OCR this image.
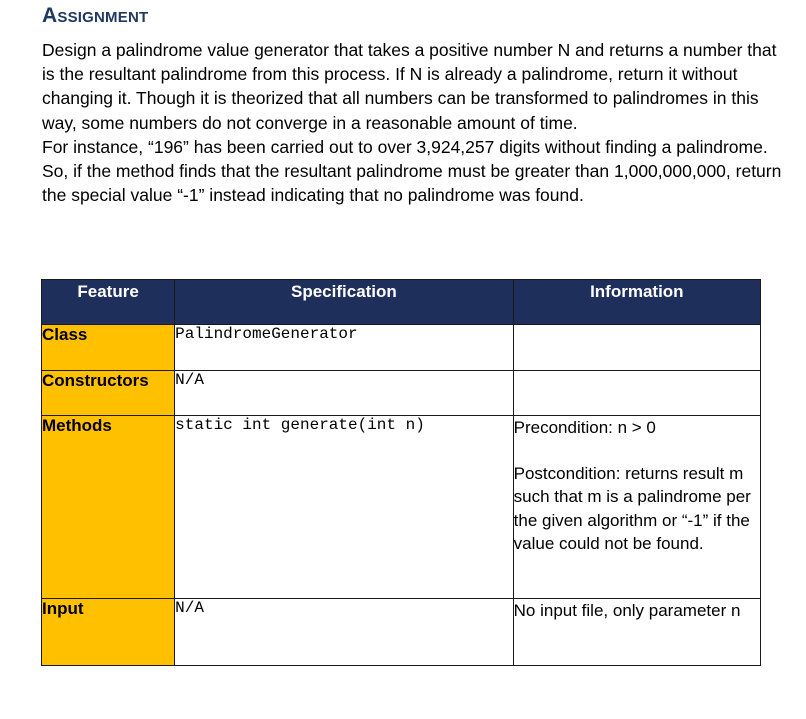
Assignment

Design a palindrome value generator that takes a positive number N and returns a number that is the resultant palindrome from this process. If N is already a palindrome, return it without changing it. Though it is theorized that all numbers can be transformed to palindromes in this way, some numbers do not converge in a reasonable amount of time.

For instance, “196” has been carried out to over 3,924,257 digits without finding a palindrome. So, if the method finds that the resultant palindrome must be greater than 1,000,000,000, return the special value “-1” instead indicating that no palindrome was found.

Feature	Specification	Information
Class	PalindromeGenerator	
Constructors	N/A	
Methods	static int generate(int n)	Precondition: n > 0

Postcondition: returns result m such that m is a palindrome per the given algorithm or “-1” if the value could not be found.

Input	N/A	No input file, only parameter n
